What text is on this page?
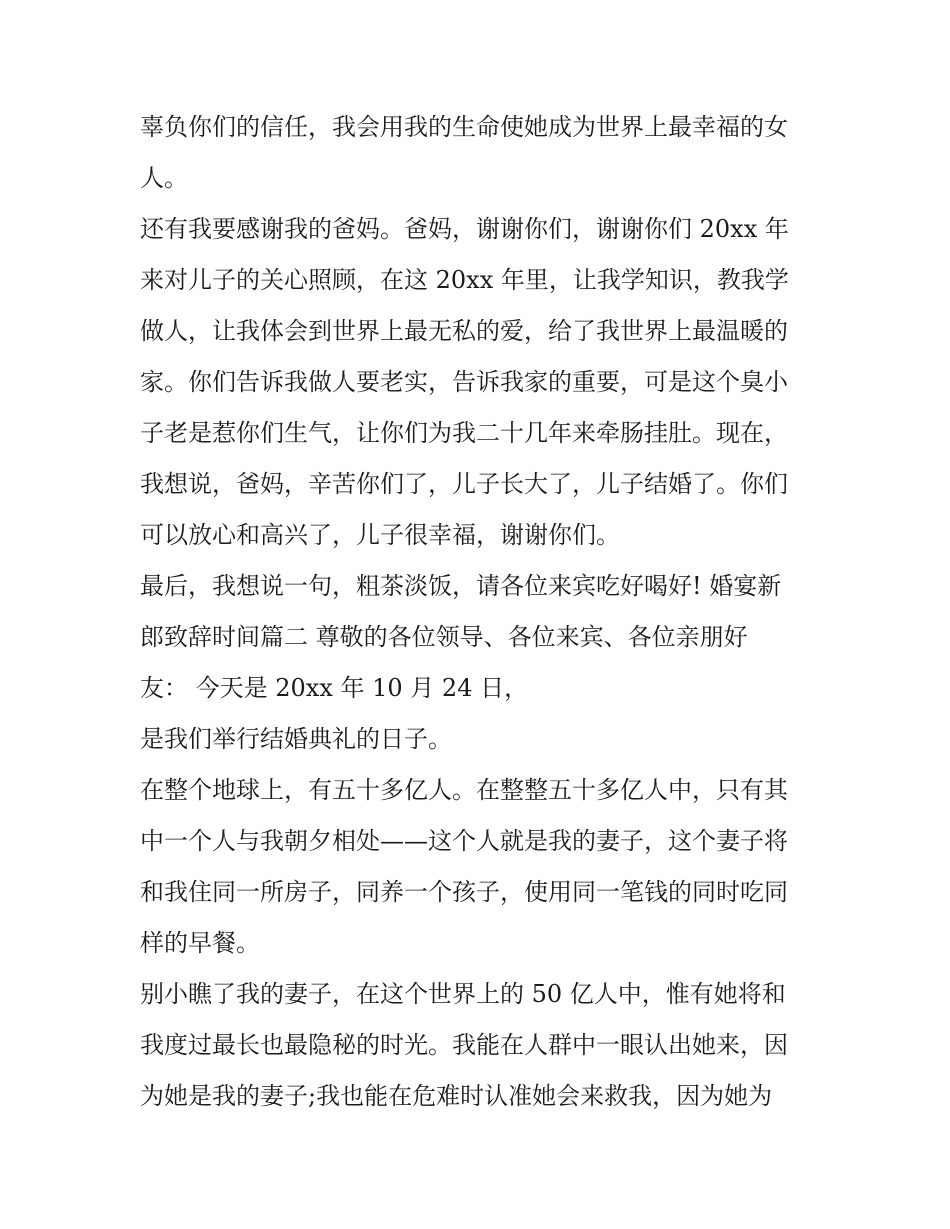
辜负你们的信任，我会用我的生命使她成为世界上最幸福的女
人。
还有我要感谢我的爸妈。爸妈，谢谢你们，谢谢你们 20xx 年
来对儿子的关心照顾，在这 20xx 年里，让我学知识，教我学
做人，让我体会到世界上最无私的爱，给了我世界上最温暖的
家。你们告诉我做人要老实，告诉我家的重要，可是这个臭小
子老是惹你们生气，让你们为我二十几年来牵肠挂肚。现在，
我想说，爸妈，辛苦你们了，儿子长大了，儿子结婚了。你们
可以放心和高兴了，儿子很幸福，谢谢你们。
最后，我想说一句，粗茶淡饭，请各位来宾吃好喝好! 婚宴新
郎致辞时间篇二 尊敬的各位领导、各位来宾、各位亲朋好
友： 今天是 20xx 年 10 月 24 日，
是我们举行结婚典礼的日子。
在整个地球上，有五十多亿人。在整整五十多亿人中，只有其
中一个人与我朝夕相处——这个人就是我的妻子，这个妻子将
和我住同一所房子，同养一个孩子，使用同一笔钱的同时吃同
样的早餐。
别小瞧了我的妻子，在这个世界上的 50 亿人中，惟有她将和
我度过最长也最隐秘的时光。我能在人群中一眼认出她来，因
为她是我的妻子;我也能在危难时认准她会来救我，因为她为
